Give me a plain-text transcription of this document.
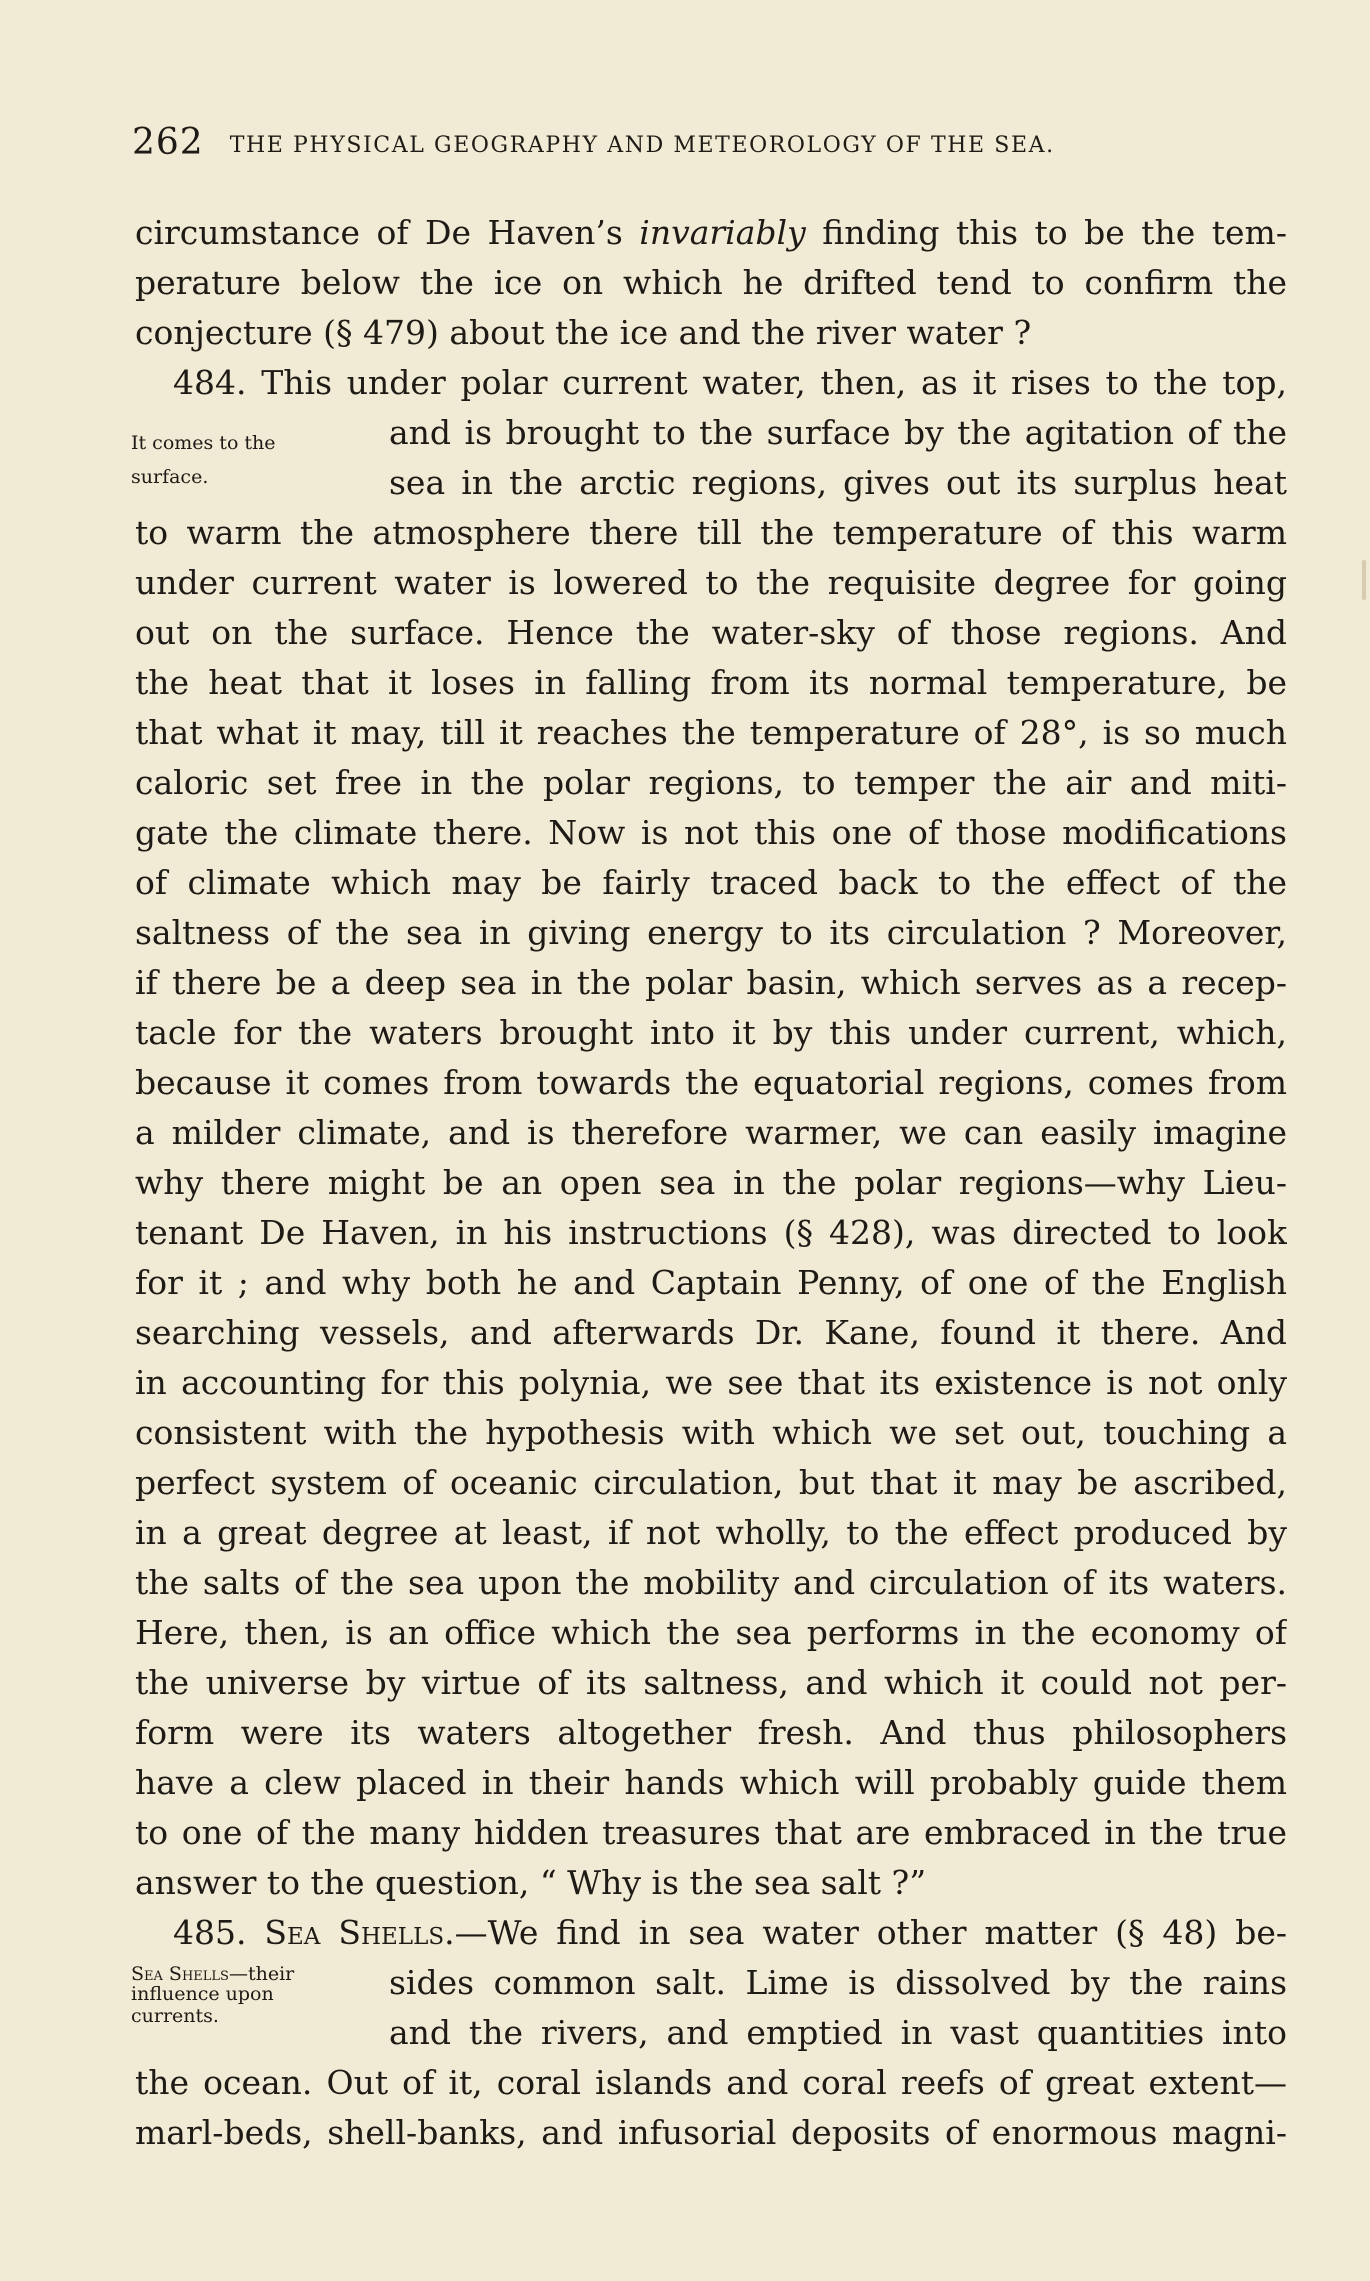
262 THE PHYSICAL GEOGRAPHY AND METEOROLOGY OF THE SEA.
It comes to the
surface.
Sea Shells—their
influence upon
currents.
circumstance of De Haven’s invariably finding this to be the tem-
perature below the ice on which he drifted tend to confirm the
conjecture (§ 479) about the ice and the river water ?
484. This under polar current water, then, as it rises to the top,
and is brought to the surface by the agitation of the
sea in the arctic regions, gives out its surplus heat
to warm the atmosphere there till the temperature of this warm
under current water is lowered to the requisite degree for going
out on the surface. Hence the water-sky of those regions. And
the heat that it loses in falling from its normal temperature, be
that what it may, till it reaches the temperature of 28°, is so much
caloric set free in the polar regions, to temper the air and miti-
gate the climate there. Now is not this one of those modifications
of climate which may be fairly traced back to the effect of the
saltness of the sea in giving energy to its circulation ? Moreover,
if there be a deep sea in the polar basin, which serves as a recep-
tacle for the waters brought into it by this under current, which,
because it comes from towards the equatorial regions, comes from
a milder climate, and is therefore warmer, we can easily imagine
why there might be an open sea in the polar regions—why Lieu-
tenant De Haven, in his instructions (§ 428), was directed to look
for it ; and why both he and Captain Penny, of one of the English
searching vessels, and afterwards Dr. Kane, found it there. And
in accounting for this polynia, we see that its existence is not only
consistent with the hypothesis with which we set out, touching a
perfect system of oceanic circulation, but that it may be ascribed,
in a great degree at least, if not wholly, to the effect produced by
the salts of the sea upon the mobility and circulation of its waters.
Here, then, is an office which the sea performs in the economy of
the universe by virtue of its saltness, and which it could not per-
form were its waters altogether fresh. And thus philosophers
have a clew placed in their hands which will probably guide them
to one of the many hidden treasures that are embraced in the true
answer to the question, “ Why is the sea salt ?”
485. Sea Shells.—We find in sea water other matter (§ 48) be-
sides common salt. Lime is dissolved by the rains
and the rivers, and emptied in vast quantities into
the ocean. Out of it, coral islands and coral reefs of great extent—
marl-beds, shell-banks, and infusorial deposits of enormous magni-
